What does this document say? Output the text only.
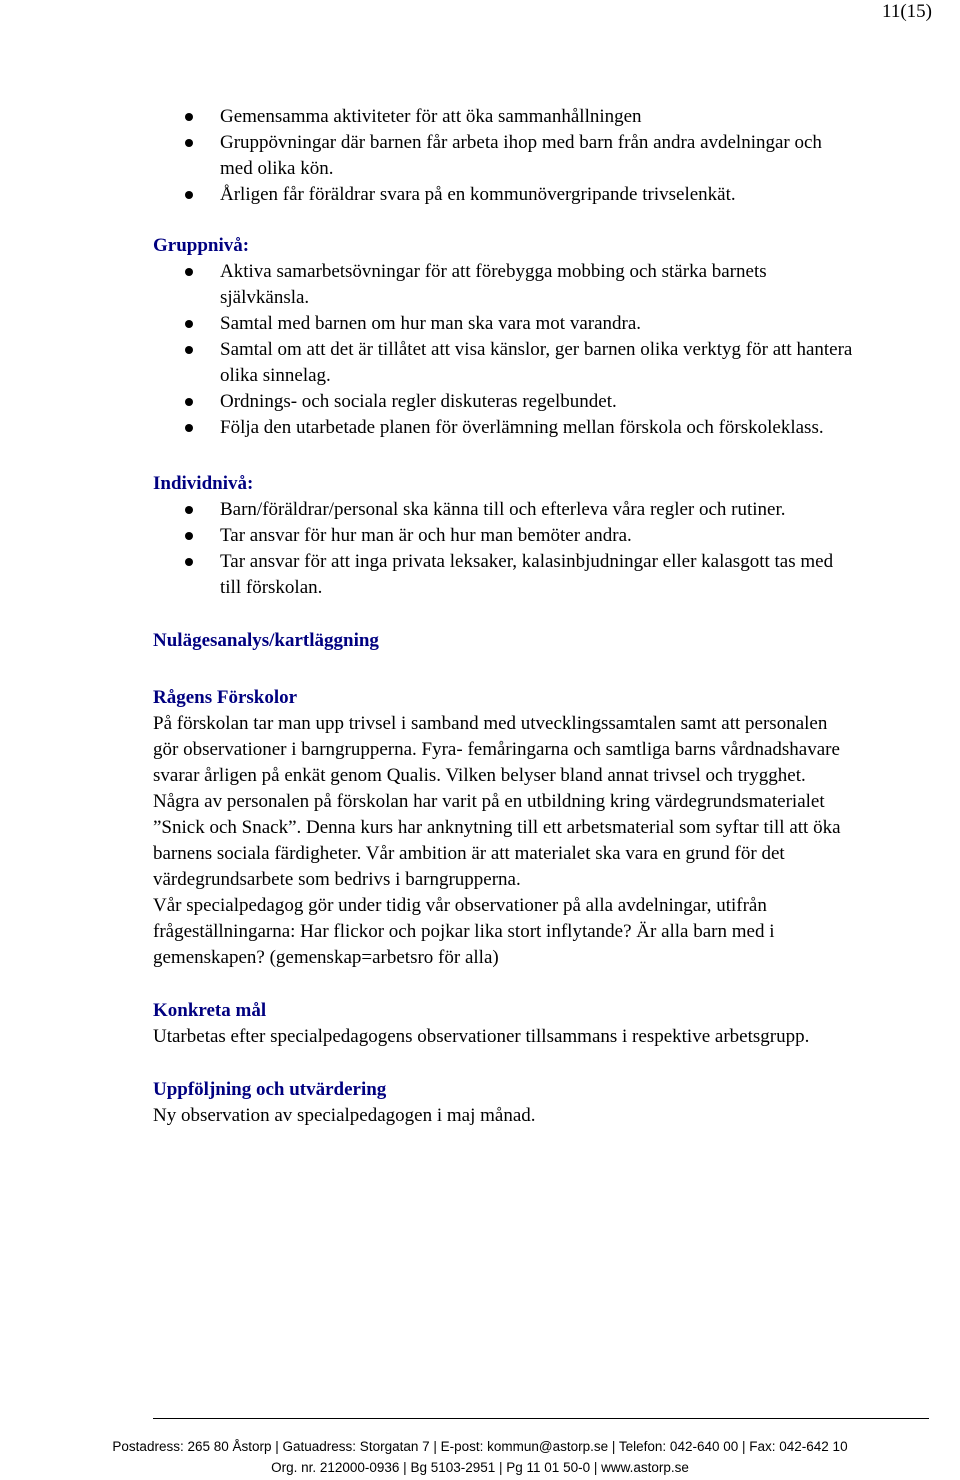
11(15)
Gemensamma aktiviteter för att öka sammanhållningen
Gruppövningar där barnen får arbeta ihop med barn från andra avdelningar och med olika kön.
Årligen får föräldrar svara på en kommunövergripande trivselenkät.
Gruppnivå:
Aktiva samarbetsövningar för att förebygga mobbing och stärka barnets självkänsla.
Samtal med barnen om hur man ska vara mot varandra.
Samtal om att det är tillåtet att visa känslor, ger barnen olika verktyg för att hantera olika sinnelag.
Ordnings- och sociala regler diskuteras regelbundet.
Följa den utarbetade planen för överlämning mellan förskola och förskoleklass.
Individnivå:
Barn/föräldrar/personal ska känna till och efterleva våra regler och rutiner.
Tar ansvar för hur man är och hur man bemöter andra.
Tar ansvar för att inga privata leksaker, kalasinbjudningar eller kalasgott tas med till förskolan.
Nulägesanalys/kartläggning
Rågens Förskolor

På förskolan tar man upp trivsel i samband med utvecklingssamtalen samt att personalen gör observationer i barngrupperna. Fyra- femåringarna och samtliga barns vårdnadshavare svarar årligen på enkät genom Qualis. Vilken belyser bland annat trivsel och trygghet.

Några av personalen på förskolan har varit på en utbildning kring värdegrundsmaterialet ”Snick och Snack”. Denna kurs har anknytning till ett arbetsmaterial som syftar till att öka barnens sociala färdigheter. Vår ambition är att materialet ska vara en grund för det värdegrundsarbete som bedrivs i barngrupperna.

Vår specialpedagog gör under tidig vår observationer på alla avdelningar, utifrån frågeställningarna: Har flickor och pojkar lika stort inflytande? Är alla barn med i gemenskapen? (gemenskap=arbetsro för alla)

Konkreta mål

Utarbetas efter specialpedagogens observationer tillsammans i respektive arbetsgrupp.

Uppföljning och utvärdering

Ny observation av specialpedagogen i maj månad.

Postadress: 265 80 Åstorp | Gatuadress: Storgatan 7 | E-post: kommun@astorp.se | Telefon: 042-640 00 | Fax: 042-642 10
Org. nr. 212000-0936 | Bg 5103-2951 | Pg 11 01 50-0 | www.astorp.se
